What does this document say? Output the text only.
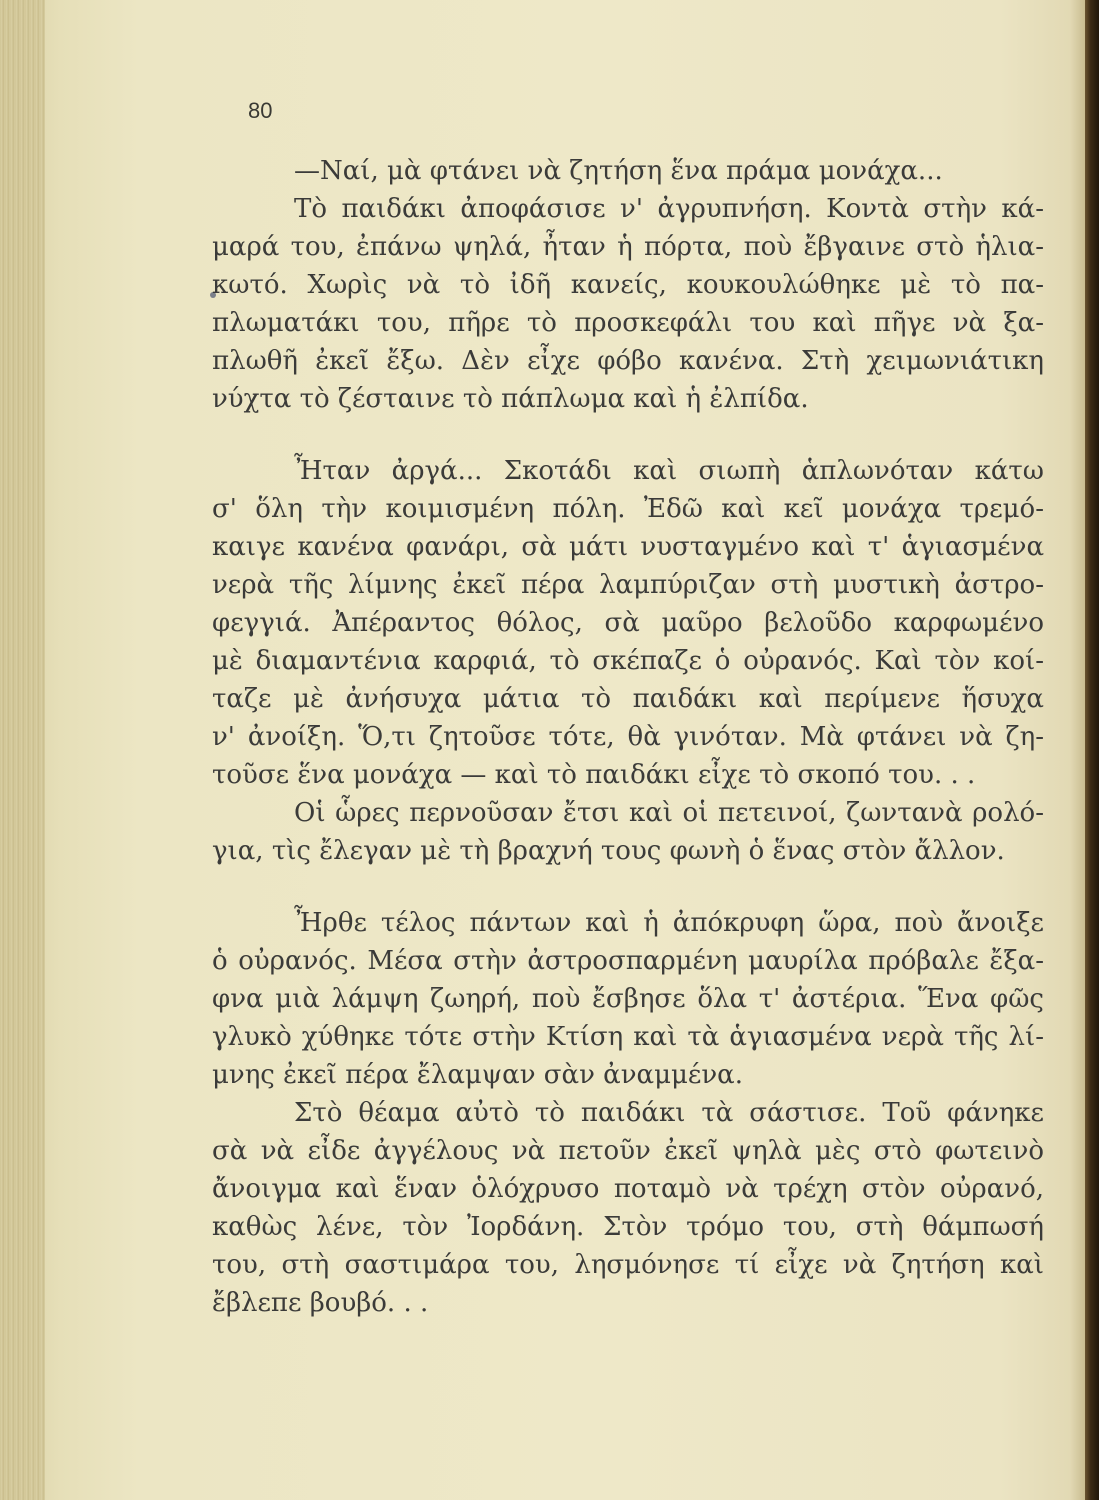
80
—Ναί, μὰ φτάνει νὰ ζητήση ἕνα πράμα μονάχα...
Τὸ παιδάκι ἀποφάσισε ν' ἀγρυπνήση. Κοντὰ στὴν κά-
μαρά του, ἐπάνω ψηλά, ἦταν ἡ πόρτα, ποὺ ἔβγαινε στὸ ἡλια-
κωτό. Χωρὶς νὰ τὸ ἰδῆ κανείς, κουκουλώθηκε μὲ τὸ πα-
πλωματάκι του, πῆρε τὸ προσκεφάλι του καὶ πῆγε νὰ ξα-
πλωθῆ ἐκεῖ ἔξω. Δὲν εἶχε φόβο κανένα. Στὴ χειμωνιάτικη
νύχτα τὸ ζέσταινε τὸ πάπλωμα καὶ ἡ ἐλπίδα.
Ἦταν ἀργά... Σκοτάδι καὶ σιωπὴ ἁπλωνόταν κάτω
σ' ὅλη τὴν κοιμισμένη πόλη. Ἐδῶ καὶ κεῖ μονάχα τρεμό-
καιγε κανένα φανάρι, σὰ μάτι νυσταγμένο καὶ τ' ἁγιασμένα
νερὰ τῆς λίμνης ἐκεῖ πέρα λαμπύριζαν στὴ μυστικὴ ἀστρο-
φεγγιά. Ἀπέραντος θόλος, σὰ μαῦρο βελοῦδο καρφωμένο
μὲ διαμαντένια καρφιά, τὸ σκέπαζε ὁ οὐρανός. Καὶ τὸν κοί-
ταζε μὲ ἀνήσυχα μάτια τὸ παιδάκι καὶ περίμενε ἥσυχα
ν' ἀνοίξη. Ὅ,τι ζητοῦσε τότε, θὰ γινόταν. Μὰ φτάνει νὰ ζη-
τοῦσε ἕνα μονάχα — καὶ τὸ παιδάκι εἶχε τὸ σκοπό του. . .
Οἱ ὧρες περνοῦσαν ἔτσι καὶ οἱ πετεινοί, ζωντανὰ ρολό-
για, τὶς ἔλεγαν μὲ τὴ βραχνή τους φωνὴ ὁ ἕνας στὸν ἄλλον.
Ἦρθε τέλος πάντων καὶ ἡ ἀπόκρυφη ὥρα, ποὺ ἄνοιξε
ὁ οὐρανός. Μέσα στὴν ἀστροσπαρμένη μαυρίλα πρόβαλε ἔξα-
φνα μιὰ λάμψη ζωηρή, ποὺ ἔσβησε ὅλα τ' ἀστέρια. Ἕνα φῶς
γλυκὸ χύθηκε τότε στὴν Κτίση καὶ τὰ ἁγιασμένα νερὰ τῆς λί-
μνης ἐκεῖ πέρα ἔλαμψαν σὰν ἀναμμένα.
Στὸ θέαμα αὐτὸ τὸ παιδάκι τὰ σάστισε. Τοῦ φάνηκε
σὰ νὰ εἶδε ἀγγέλους νὰ πετοῦν ἐκεῖ ψηλὰ μὲς στὸ φωτεινὸ
ἄνοιγμα καὶ ἕναν ὁλόχρυσο ποταμὸ νὰ τρέχη στὸν οὐρανό,
καθὼς λένε, τὸν Ἰορδάνη. Στὸν τρόμο του, στὴ θάμπωσή
του, στὴ σαστιμάρα του, λησμόνησε τί εἶχε νὰ ζητήση καὶ
ἔβλεπε βουβό. . .
